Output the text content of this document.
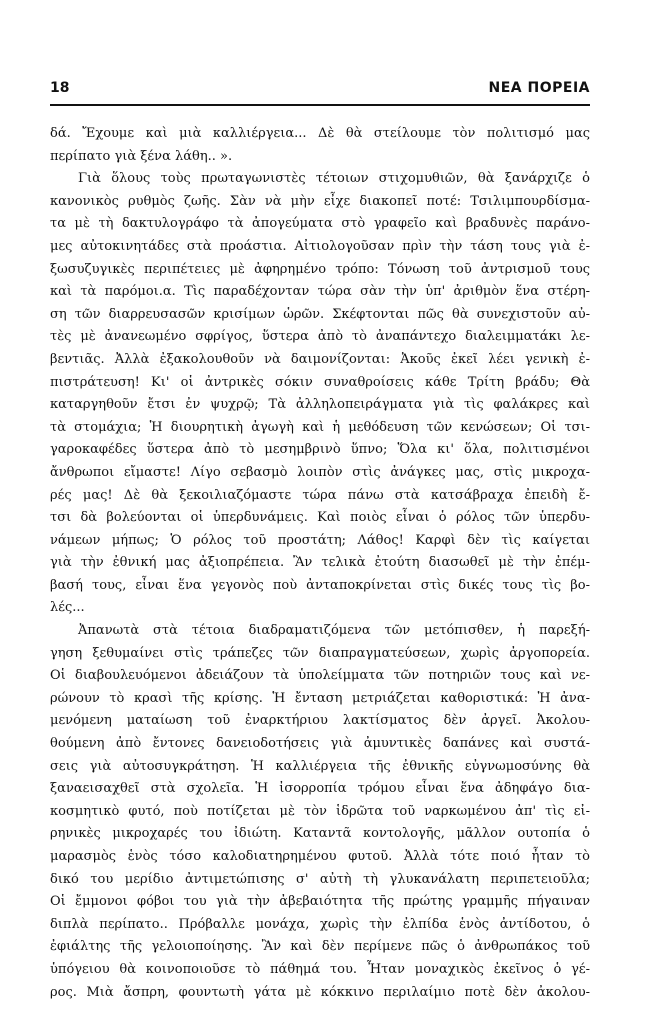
18	ΝΕΑ ΠΟΡΕΙΑ
δά. Ἔχουμε καὶ μιὰ καλλιέργεια... Δὲ θὰ στείλουμε τὸν πολιτισμό μας
περίπατο γιὰ ξένα λάθη.. ».
Γιὰ ὅλους τοὺς πρωταγωνιστὲς τέτοιων στιχομυθιῶν, θὰ ξανάρχιζε ὁ
κανονικὸς ρυθμὸς ζωῆς. Σὰν νὰ μὴν εἶχε διακοπεῖ ποτέ: Τσιλιμπουρδίσμα-
τα μὲ τὴ δακτυλογράφο τὰ ἀπογεύματα στὸ γραφεῖο καὶ βραδυνὲς παράνο-
μες αὐτοκινητάδες στὰ προάστια. Αἰτιολογοῦσαν πρὶν τὴν τάση τους γιὰ ἐ-
ξωσυζυγικὲς περιπέτειες μὲ ἀφηρημένο τρόπο: Τόνωση τοῦ ἀντρισμοῦ τους
καὶ τὰ παρόμοι.α. Τὶς παραδέχονταν τώρα σὰν τὴν ὑπ' ἀριθμὸν ἕνα στέρη-
ση τῶν διαρρευσασῶν κρισίμων ὡρῶν. Σκέφτονται πῶς θὰ συνεχιστοῦν αὐ-
τὲς μὲ ἀνανεωμένο σφρίγος, ὕστερα ἀπὸ τὸ ἀναπάντεχο διαλειμματάκι λε-
βεντιᾶς. Ἀλλὰ ἐξακολουθοῦν νὰ δαιμονίζονται: Ἀκοῦς ἐκεῖ λέει γενικὴ ἐ-
πιστράτευση! Κι' οἱ ἀντρικὲς σόκιν συναθροίσεις κάθε Τρίτη βράδυ; Θὰ
καταργηθοῦν ἔτσι ἐν ψυχρῷ; Τὰ ἀλληλοπειράγματα γιὰ τὶς φαλάκρες καὶ
τὰ στομάχια; Ἡ διουρητικὴ ἀγωγὴ καὶ ἡ μεθόδευση τῶν κενώσεων; Οἱ τσι-
γαροκαφέδες ὕστερα ἀπὸ τὸ μεσημβρινὸ ὕπνο; Ὅλα κι' ὅλα, πολιτισμένοι
ἄνθρωποι εἴμαστε! Λίγο σεβασμὸ λοιπὸν στὶς ἀνάγκες μας, στὶς μικροχα-
ρές μας! Δὲ θὰ ξεκοιλιαζόμαστε τώρα πάνω στὰ κατσάβραχα ἐπειδὴ ἔ-
τσι δὰ βολεύονται οἱ ὑπερδυνάμεις. Καὶ ποιὸς εἶναι ὁ ρόλος τῶν ὑπερδυ-
νάμεων μήπως; Ὁ ρόλος τοῦ προστάτη; Λάθος! Καρφὶ δὲν τὶς καίγεται
γιὰ τὴν ἐθνική μας ἀξιοπρέπεια. Ἂν τελικὰ ἐτούτη διασωθεῖ μὲ τὴν ἐπέμ-
βασή τους, εἶναι ἕνα γεγονὸς ποὺ ἀνταποκρίνεται στὶς δικές τους τὶς βο-
λές...
Ἀπανωτὰ στὰ τέτοια διαδραματιζόμενα τῶν μετόπισθεν, ἡ παρεξή-
γηση ξεθυμαίνει στὶς τράπεζες τῶν διαπραγματεύσεων, χωρὶς ἀργοπορεία.
Οἱ διαβουλευόμενοι ἀδειάζουν τὰ ὑπολείμματα τῶν ποτηριῶν τους καὶ νε-
ρώνουν τὸ κρασὶ τῆς κρίσης. Ἡ ἔνταση μετριάζεται καθοριστικά: Ἡ ἀνα-
μενόμενη ματαίωση τοῦ ἐναρκτήριου λακτίσματος δὲν ἀργεῖ. Ἀκολου-
θούμενη ἀπὸ ἔντονες δανειοδοτήσεις γιὰ ἀμυντικὲς δαπάνες καὶ συστά-
σεις γιὰ αὐτοσυγκράτηση. Ἡ καλλιέργεια τῆς ἐθνικῆς εὐγνωμοσύνης θὰ
ξαναεισαχθεῖ στὰ σχολεῖα. Ἡ ἰσορροπία τρόμου εἶναι ἕνα ἀδηφάγο δια-
κοσμητικὸ φυτό, ποὺ ποτίζεται μὲ τὸν ἱδρῶτα τοῦ ναρκωμένου ἀπ' τὶς εἰ-
ρηνικὲς μικροχαρές του ἰδιώτη. Καταντᾶ κοντολογῆς, μᾶλλον ουτοπία ὁ
μαρασμὸς ἑνὸς τόσο καλοδιατηρημένου φυτοῦ. Ἀλλὰ τότε ποιό ἦταν τὸ
δικό του μερίδιο ἀντιμετώπισης σ' αὐτὴ τὴ γλυκανάλατη περιπετειοῦλα;
Οἱ ἔμμονοι φόβοι του γιὰ τὴν ἀβεβαιότητα τῆς πρώτης γραμμῆς πήγαιναν
διπλὰ περίπατο.. Πρόβαλλε μονάχα, χωρὶς τὴν ἐλπίδα ἑνὸς ἀντίδοτου, ὁ
ἐφιάλτης τῆς γελοιοποίησης. Ἂν καὶ δὲν περίμενε πῶς ὁ ἀνθρωπάκος τοῦ
ὑπόγειου θὰ κοινοποιοῦσε τὸ πάθημά του. Ἦταν μοναχικὸς ἐκεῖνος ὁ γέ-
ρος. Μιὰ ἄσπρη, φουντωτὴ γάτα μὲ κόκκινο περιλαίμιο ποτὲ δὲν ἀκολου-
